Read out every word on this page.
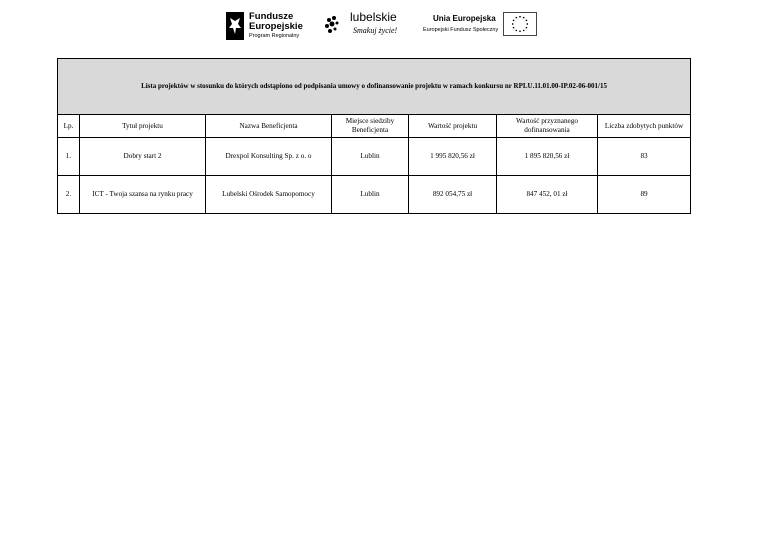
Fundusze
Europejskie
Program Regionalny
lubelskie
Smakuj życie!
Unia Europejska
Europejski Fundusz Społeczny
Lista projektów w stosunku do których odstąpiono od podpisania umowy o dofinansowanie projektu w ramach konkursu nr RPLU.11.01.00-IP.02-06-001/15						
Lp.	Tytuł projektu	Nazwa Beneficjenta	Miejsce siedziby Beneficjenta	Wartość projektu	Wartość przyznanego dofinansowania	Liczba zdobytych punktów
1.	Dobry start 2	Drexpol Konsulting Sp. z o. o	Lublin	1 995 820,56 zł	1 895 820,56 zł	83
2.	ICT - Twoja szansa na rynku pracy	Lubelski Ośrodek Samopomocy	Lublin	892 054,75 zł	847 452, 01 zł	89
